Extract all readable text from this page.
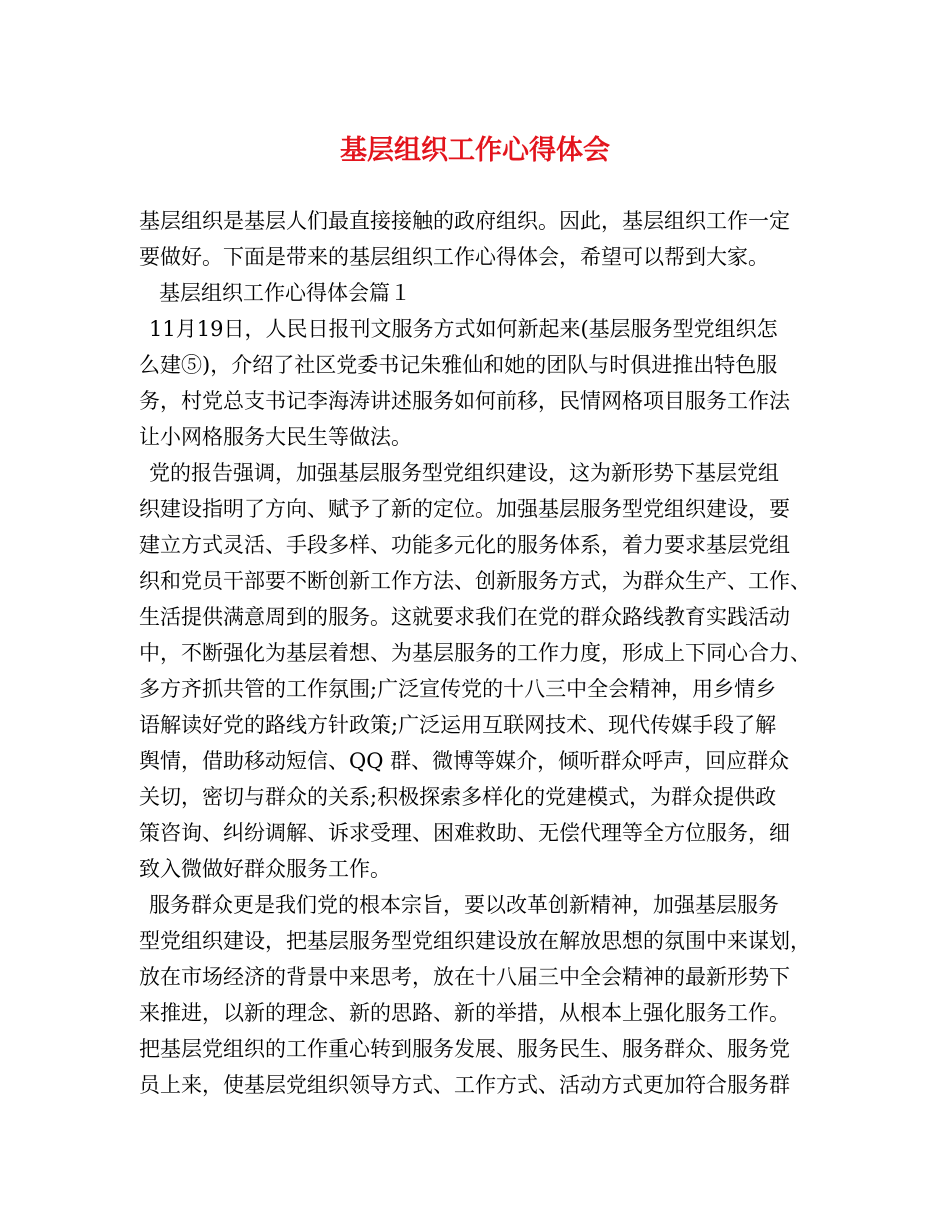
基层组织工作心得体会
基层组织是基层人们最直接接触的政府组织。因此，基层组织工作一定
要做好。下面是带来的基层组织工作心得体会，希望可以帮到大家。
基层组织工作心得体会篇１
11月19日，人民日报刊文服务方式如何新起来(基层服务型党组织怎
么建⑤)，介绍了社区党委书记朱雅仙和她的团队与时俱进推出特色服
务，村党总支书记李海涛讲述服务如何前移，民情网格项目服务工作法
让小网格服务大民生等做法。
党的报告强调，加强基层服务型党组织建设，这为新形势下基层党组
织建设指明了方向、赋予了新的定位。加强基层服务型党组织建设，要
建立方式灵活、手段多样、功能多元化的服务体系，着力要求基层党组
织和党员干部要不断创新工作方法、创新服务方式，为群众生产、工作、
生活提供满意周到的服务。这就要求我们在党的群众路线教育实践活动
中，不断强化为基层着想、为基层服务的工作力度，形成上下同心合力、
多方齐抓共管的工作氛围;广泛宣传党的十八三中全会精神，用乡情乡
语解读好党的路线方针政策;广泛运用互联网技术、现代传媒手段了解
舆情，借助移动短信、QQ 群、微博等媒介，倾听群众呼声，回应群众
关切，密切与群众的关系;积极探索多样化的党建模式，为群众提供政
策咨询、纠纷调解、诉求受理、困难救助、无偿代理等全方位服务，细
致入微做好群众服务工作。
服务群众更是我们党的根本宗旨，要以改革创新精神，加强基层服务
型党组织建设，把基层服务型党组织建设放在解放思想的氛围中来谋划，
放在市场经济的背景中来思考，放在十八届三中全会精神的最新形势下
来推进，以新的理念、新的思路、新的举措，从根本上强化服务工作。
把基层党组织的工作重心转到服务发展、服务民生、服务群众、服务党
员上来，使基层党组织领导方式、工作方式、活动方式更加符合服务群
